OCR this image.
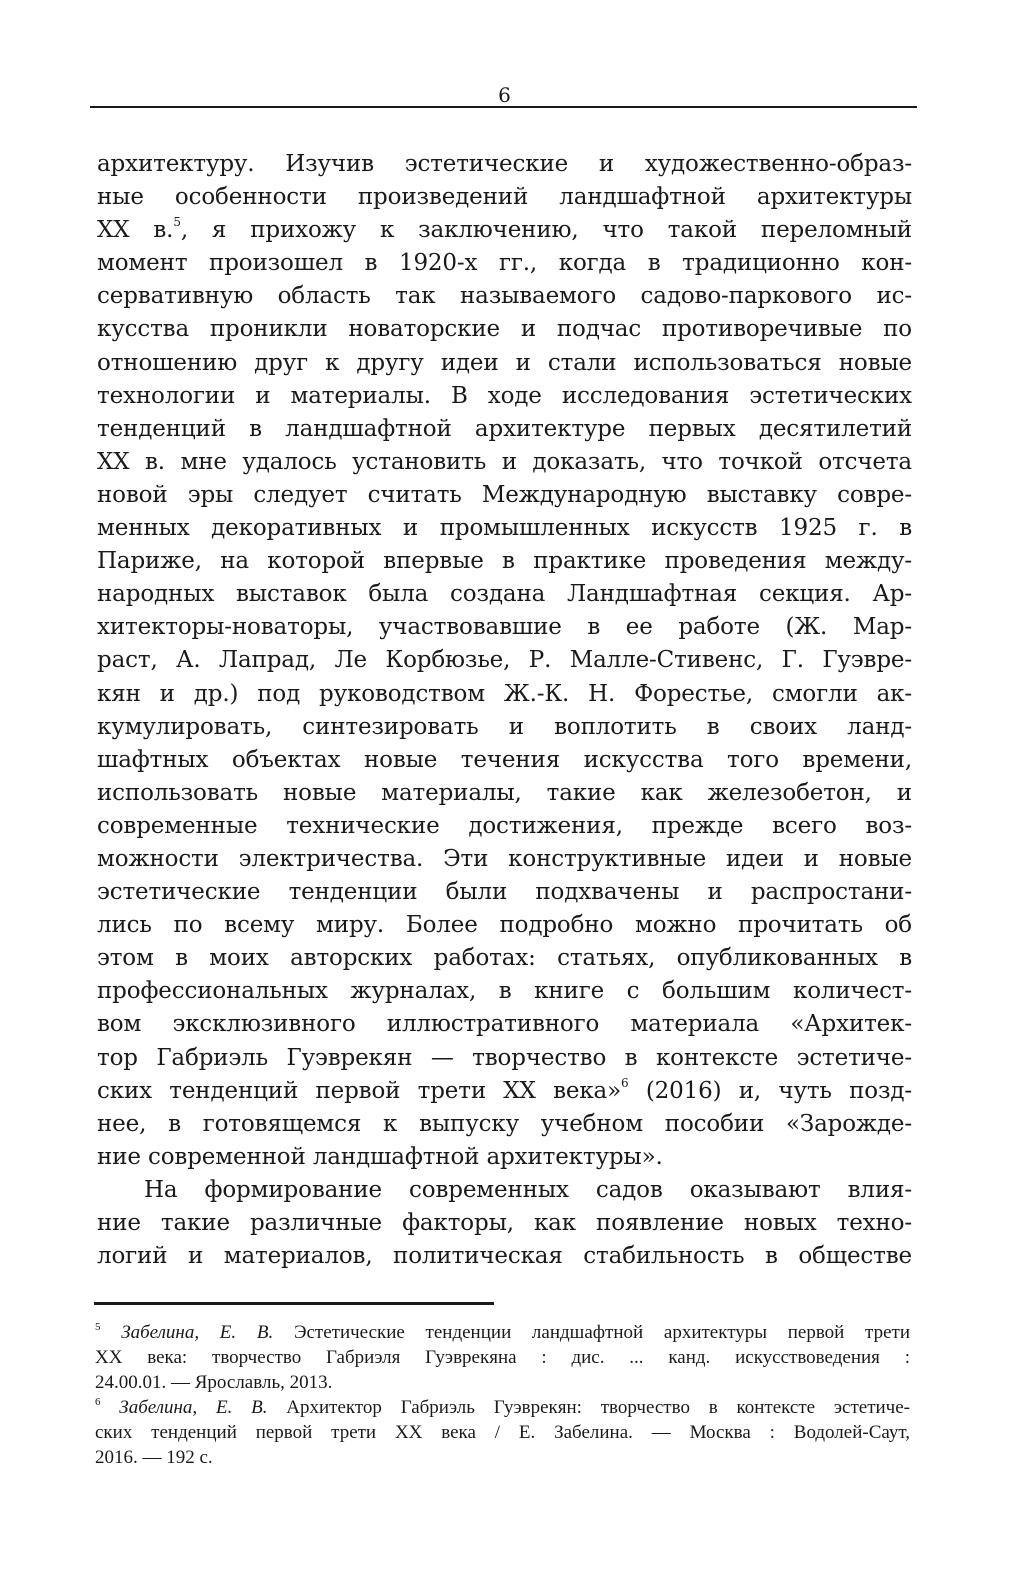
6
архитектуру. Изучив эстетические и художественно-образ-
ные особенности произведений ландшафтной архитектуры
XX в.$^5$, я прихожу к заключению, что такой переломный
момент произошел в 1920-х гг., когда в традиционно кон-
сервативную область так называемого садово-паркового ис-
кусства проникли новаторские и подчас противоречивые по
отношению друг к другу идеи и стали использоваться новые
технологии и материалы. В ходе исследования эстетических
тенденций в ландшафтной архитектуре первых десятилетий
XX в. мне удалось установить и доказать, что точкой отсчета
новой эры следует считать Международную выставку совре-
менных декоративных и промышленных искусств 1925 г. в
Париже, на которой впервые в практике проведения между-
народных выставок была создана Ландшафтная секция. Ар-
хитекторы-новаторы, участвовавшие в ее работе (Ж. Мар-
раст, А. Лапрад, Ле Корбюзье, Р. Малле-Стивенс, Г. Гуэвре-
кян и др.) под руководством Ж.-К. Н. Форестье, смогли ак-
кумулировать, синтезировать и воплотить в своих ланд-
шафтных объектах новые течения искусства того времени,
использовать новые материалы, такие как железобетон, и
современные технические достижения, прежде всего воз-
можности электричества. Эти конструктивные идеи и новые
эстетические тенденции были подхвачены и распростани-
лись по всему миру. Более подробно можно прочитать об
этом в моих авторских работах: статьях, опубликованных в
профессиональных журналах, в книге с большим количест-
вом эксклюзивного иллюстративного материала «Архитек-
тор Габриэль Гуэврекян — творчество в контексте эстетиче-
ских тенденций первой трети XX века»$^6$ (2016) и, чуть позд-
нее, в готовящемся к выпуску учебном пособии «Зарожде-
ние современной ландшафтной архитектуры».
На формирование современных садов оказывают влия-
ние такие различные факторы, как появление новых техно-
логий и материалов, политическая стабильность в обществе
$^5$ Забелина, Е. В. Эстетические тенденции ландшафтной архитектуры первой трети
XX века: творчество Габриэля Гуэврекяна : дис. ... канд. искусствоведения :
24.00.01. — Ярославль, 2013.
$^6$ Забелина, Е. В. Архитектор Габриэль Гуэврекян: творчество в контексте эстетиче-
ских тенденций первой трети XX века / Е. Забелина. — Москва : Водолей-Саут,
2016. — 192 с.
